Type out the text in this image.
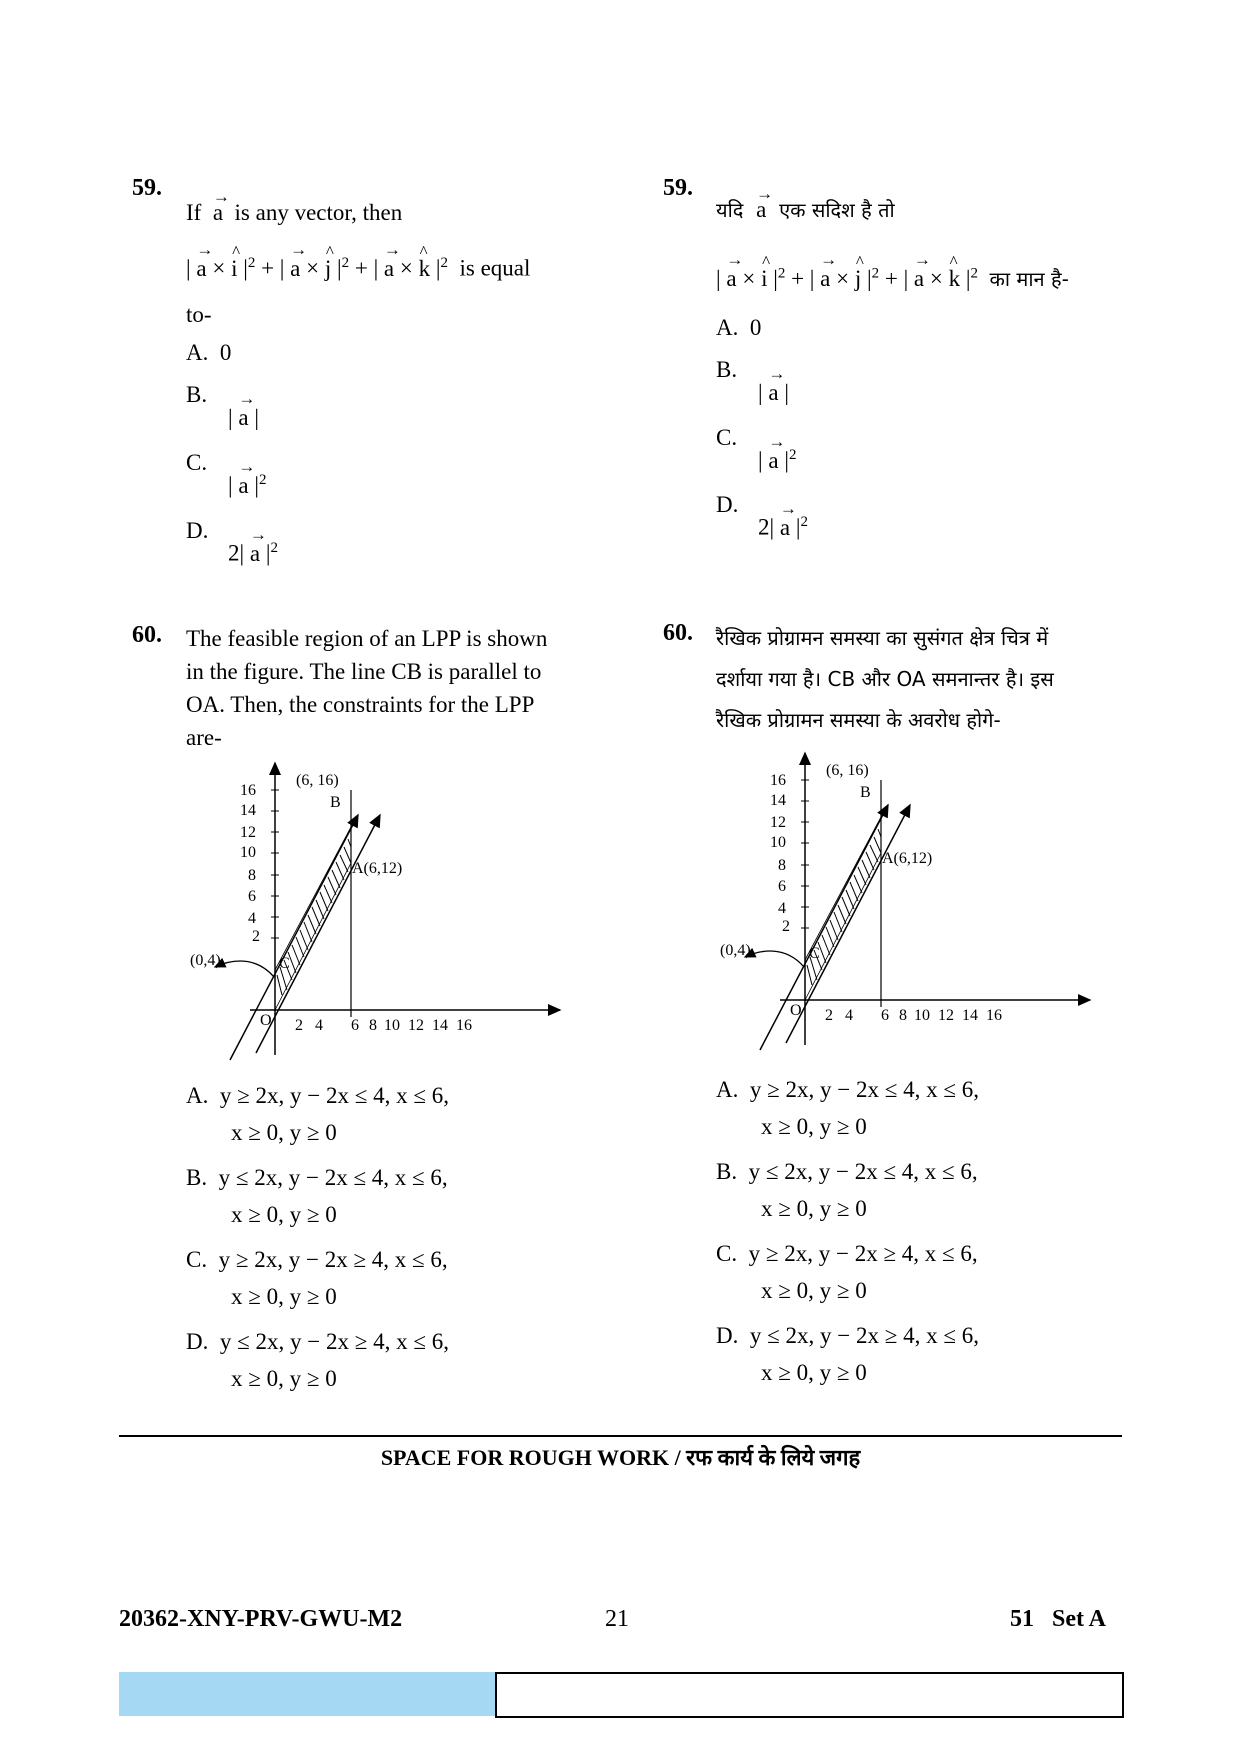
59.
If → a is any vector, then
| → a × ^ i $|^2$ + | → a × ^ j $|^2$ + | → a × ^ k $|^2$ is equal
to-
A. 0
B.
| → a |
C.
| → a $|^2$
D.
2| → a $|^2$
59.
यदि → a एक सदिश है तो
| → a × ^ i $|^2$ + | → a × ^ j $|^2$ + | → a × ^ k $|^2$ का मान है-
A. 0
B.
| → a |
C.
| → a $|^2$
D.
2| → a $|^2$
60. The feasible region of an LPP is shown
in the figure. The line CB is parallel to
OA. Then, the constraints for the LPP
are-
16
14
12
10
8
6
4
2
2 4 6 8 10 12 14 16
(6, 16)
B
A(6,12)
(0,4)	C
O
A. y ≥ 2x, y − 2x ≤ 4, x ≤ 6,
x ≥ 0, y ≥ 0
B. y ≤ 2x, y − 2x ≤ 4, x ≤ 6,
x ≥ 0, y ≥ 0
C. y ≥ 2x, y − 2x ≥ 4, x ≤ 6,
x ≥ 0, y ≥ 0
D. y ≤ 2x, y − 2x ≥ 4, x ≤ 6,
x ≥ 0, y ≥ 0
60. रैखिक प्रोग्रामन समस्या का सुसंगत क्षेत्र चित्र में
दर्शाया गया है। CB और OA समनान्तर है। इस
रैखिक प्रोग्रामन समस्या के अवरोध होगे-
16
14
12
10
8
6
4
2
2 4 6 8 10 12 14 16
(6, 16)
B
A(6,12)
(0,4)	C
O
A. y ≥ 2x, y − 2x ≤ 4, x ≤ 6,
x ≥ 0, y ≥ 0
B. y ≤ 2x, y − 2x ≤ 4, x ≤ 6,
x ≥ 0, y ≥ 0
C. y ≥ 2x, y − 2x ≥ 4, x ≤ 6,
x ≥ 0, y ≥ 0
D. y ≤ 2x, y − 2x ≥ 4, x ≤ 6,
x ≥ 0, y ≥ 0
SPACE FOR ROUGH WORK / रफ कार्य के लिये जगह
20362-XNY-PRV-GWU-M2	21	51   Set A
